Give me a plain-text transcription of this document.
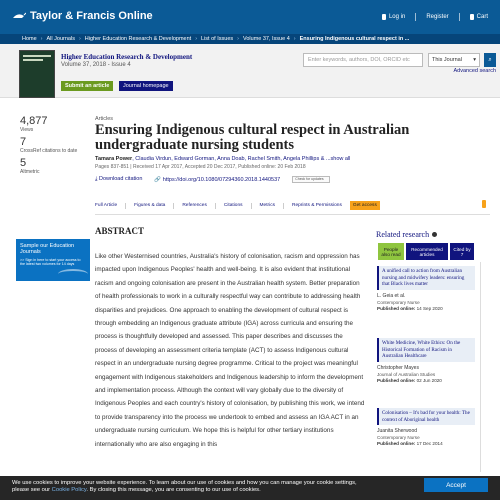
Taylor & Francis Online	Log in	Register	Cart
Home › All Journals › Higher Education Research & Development › List of Issues › Volume 37, Issue 4 › Ensuring Indigenous cultural respect in ...
Higher Education Research & Development
Volume 37, 2018 - Issue 4
Submit an article	Journal homepage
Enter keywords, authors, DOI, ORCID etc	This Journal ▾ ⌕
Advanced search
4,877
Views
7
CrossRef citations to date
5
Altmetric
Articles
Ensuring Indigenous cultural respect in Australian undergraduate nursing students
Tamara Power, Claudia Virdun, Edward Gorman, Anna Doab, Rachel Smith, Angela Phillips & ...show all
Pages 837-851 | Received 17 Apr 2017, Accepted 20 Dec 2017, Published online: 20 Feb 2018
⤓ Download citation 🔗 https://doi.org/10.1080/07294360.2018.1440537	Check for updates
Full Article	Figures & data	References	Citations	Metrics	Reprints & Permissions	Get access
Sample our Education Journals
>> Sign in here to start your access to the latest two volumes for 14 days
ABSTRACT
Like other Westernised countries, Australia's history of colonisation, racism and oppression has impacted upon Indigenous Peoples' health and well-being. It is also evident that institutional racism and ongoing colonisation are present in the Australian health system. Better preparation of health professionals to work in a culturally respectful way can contribute to addressing health disparities and prejudices. One approach to enabling the development of cultural respect is through embedding an Indigenous graduate attribute (IGA) across curricula and ensuring the process is thoughtfully developed and assessed. This paper describes and discusses the process of developing an assessment criteria template (ACT) to assess Indigenous cultural respect in an undergraduate nursing degree programme. Critical to the project was meaningful engagement with Indigenous stakeholders and Indigenous leadership to inform the development and implementation process. Although the context will vary globally due to the diversity of Indigenous Peoples and each country's history of colonisation, by publishing this work, we intend to provide transparency into the process we undertook to embed and assess an IGA ACT in an undergraduate nursing curriculum. We hope this is helpful for other tertiary institutions internationally who are also engaging in this
Related research
People also read
Recommended articles
Cited by 7
A unified call to action from Australian nursing and midwifery leaders: ensuring that Black lives matter
L. Geia et al.
Contemporary Nurse
Published online: 14 Sep 2020
White Medicine, White Ethics: On the Historical Formation of Racism in Australian Healthcare
Christopher Mayes
Journal of Australian Studies
Published online: 02 Jun 2020
Colonisation – It's bad for your health: The context of Aboriginal health
Juanita Sherwood
Contemporary Nurse
Published online: 17 Dec 2014
We use cookies to improve your website experience. To learn about our use of cookies and how you can manage your cookie settings,
please see our Cookie Policy. By closing this message, you are consenting to our use of cookies.
Accept
